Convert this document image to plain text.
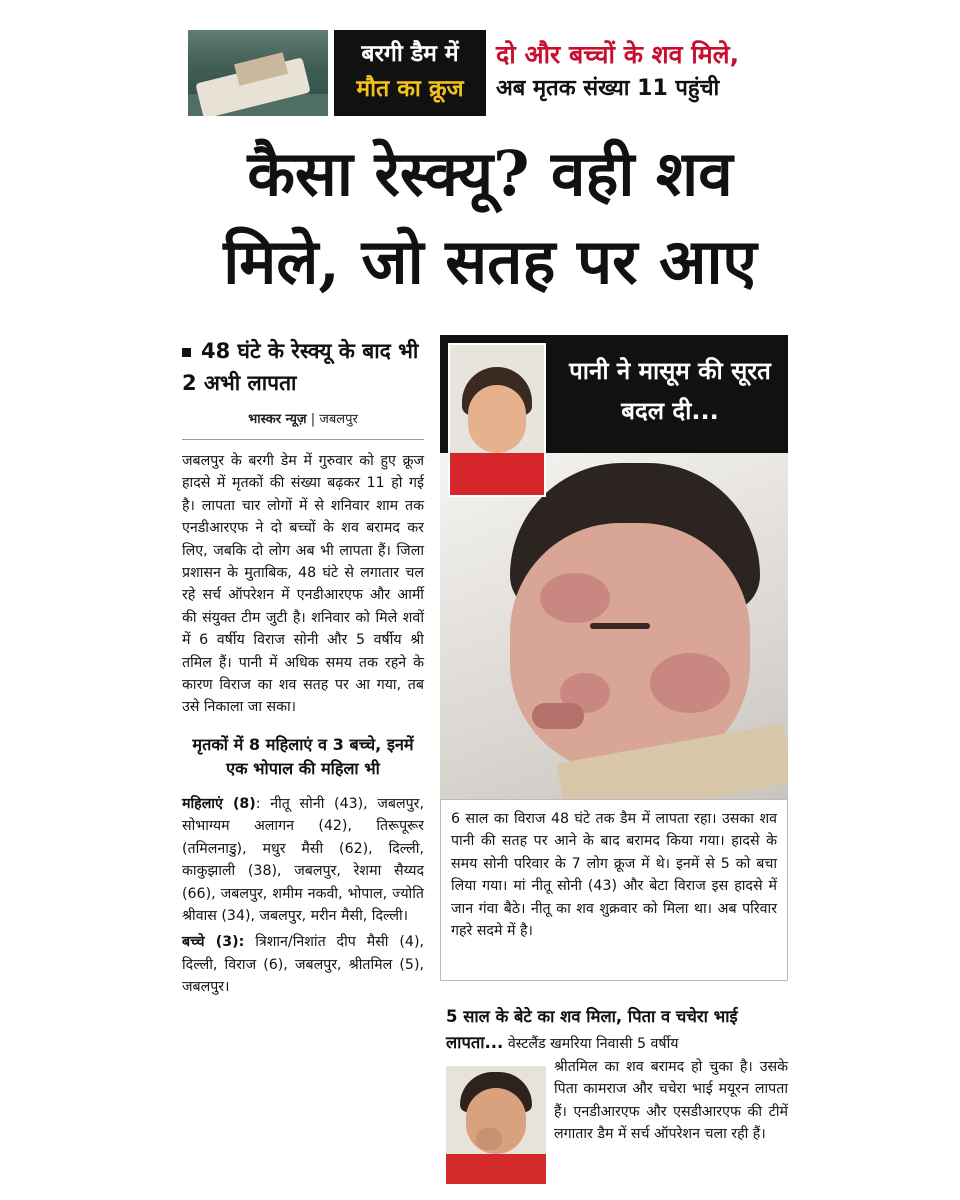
बरगी डैम में
मौत का क्रूज
दो और बच्चों के शव मिले,
अब मृतक संख्या 11 पहुंची
कैसा रेस्क्यू? वही शव
मिले, जो सतह पर आए
48 घंटे के रेस्क्यू के बाद भी 2 अभी लापता
भास्कर न्यूज़ | जबलपुर
जबलपुर के बरगी डेम में गुरुवार को हुए क्रूज हादसे में मृतकों की संख्या बढ़कर 11 हो गई है। लापता चार लोगों में से शनिवार शाम तक एनडीआरएफ ने दो बच्चों के शव बरामद कर लिए, जबकि दो लोग अब भी लापता हैं। जिला प्रशासन के मुताबिक, 48 घंटे से लगातार चल रहे सर्च ऑपरेशन में एनडीआरएफ और आर्मी की संयुक्त टीम जुटी है। शनिवार को मिले शवों में 6 वर्षीय विराज सोनी और 5 वर्षीय श्री तमिल हैं। पानी में अधिक समय तक रहने के कारण विराज का शव सतह पर आ गया, तब उसे निकाला जा सका।
मृतकों में 8 महिलाएं व 3 बच्चे, इनमें एक भोपाल की महिला भी

महिलाएं (8): नीतू सोनी (43), जबलपुर, सोभाग्यम अलागन (42), तिरूपूरूर (तमिलनाडु), मधुर मैसी (62), दिल्ली, काकुझाली (38), जबलपुर, रेशमा सैय्यद (66), जबलपुर, शमीम नकवी, भोपाल, ज्योति श्रीवास (34), जबलपुर, मरीन मैसी, दिल्ली।

बच्चे (3): त्रिशान/निशांत दीप मैसी (4), दिल्ली, विराज (6), जबलपुर, श्रीतमिल (5), जबलपुर।

पानी ने मासूम की सूरत बदल दी...
6 साल का विराज 48 घंटे तक डैम में लापता रहा। उसका शव पानी की सतह पर आने के बाद बरामद किया गया। हादसे के समय सोनी परिवार के 7 लोग क्रूज में थे। इनमें से 5 को बचा लिया गया। मां नीतू सोनी (43) और बेटा विराज इस हादसे में जान गंवा बैठे। नीतू का शव शुक्रवार को मिला था। अब परिवार गहरे सदमे में है।
5 साल के बेटे का शव मिला, पिता व चचेरा भाई लापता... वेस्टलैंड खमरिया निवासी 5 वर्षीय
श्रीतमिल का शव बरामद हो चुका है। उसके पिता कामराज और चचेरा भाई मयूरन लापता हैं। एनडीआरएफ और एसडीआरएफ की टीमें लगातार डैम में सर्च ऑपरेशन चला रही हैं।
